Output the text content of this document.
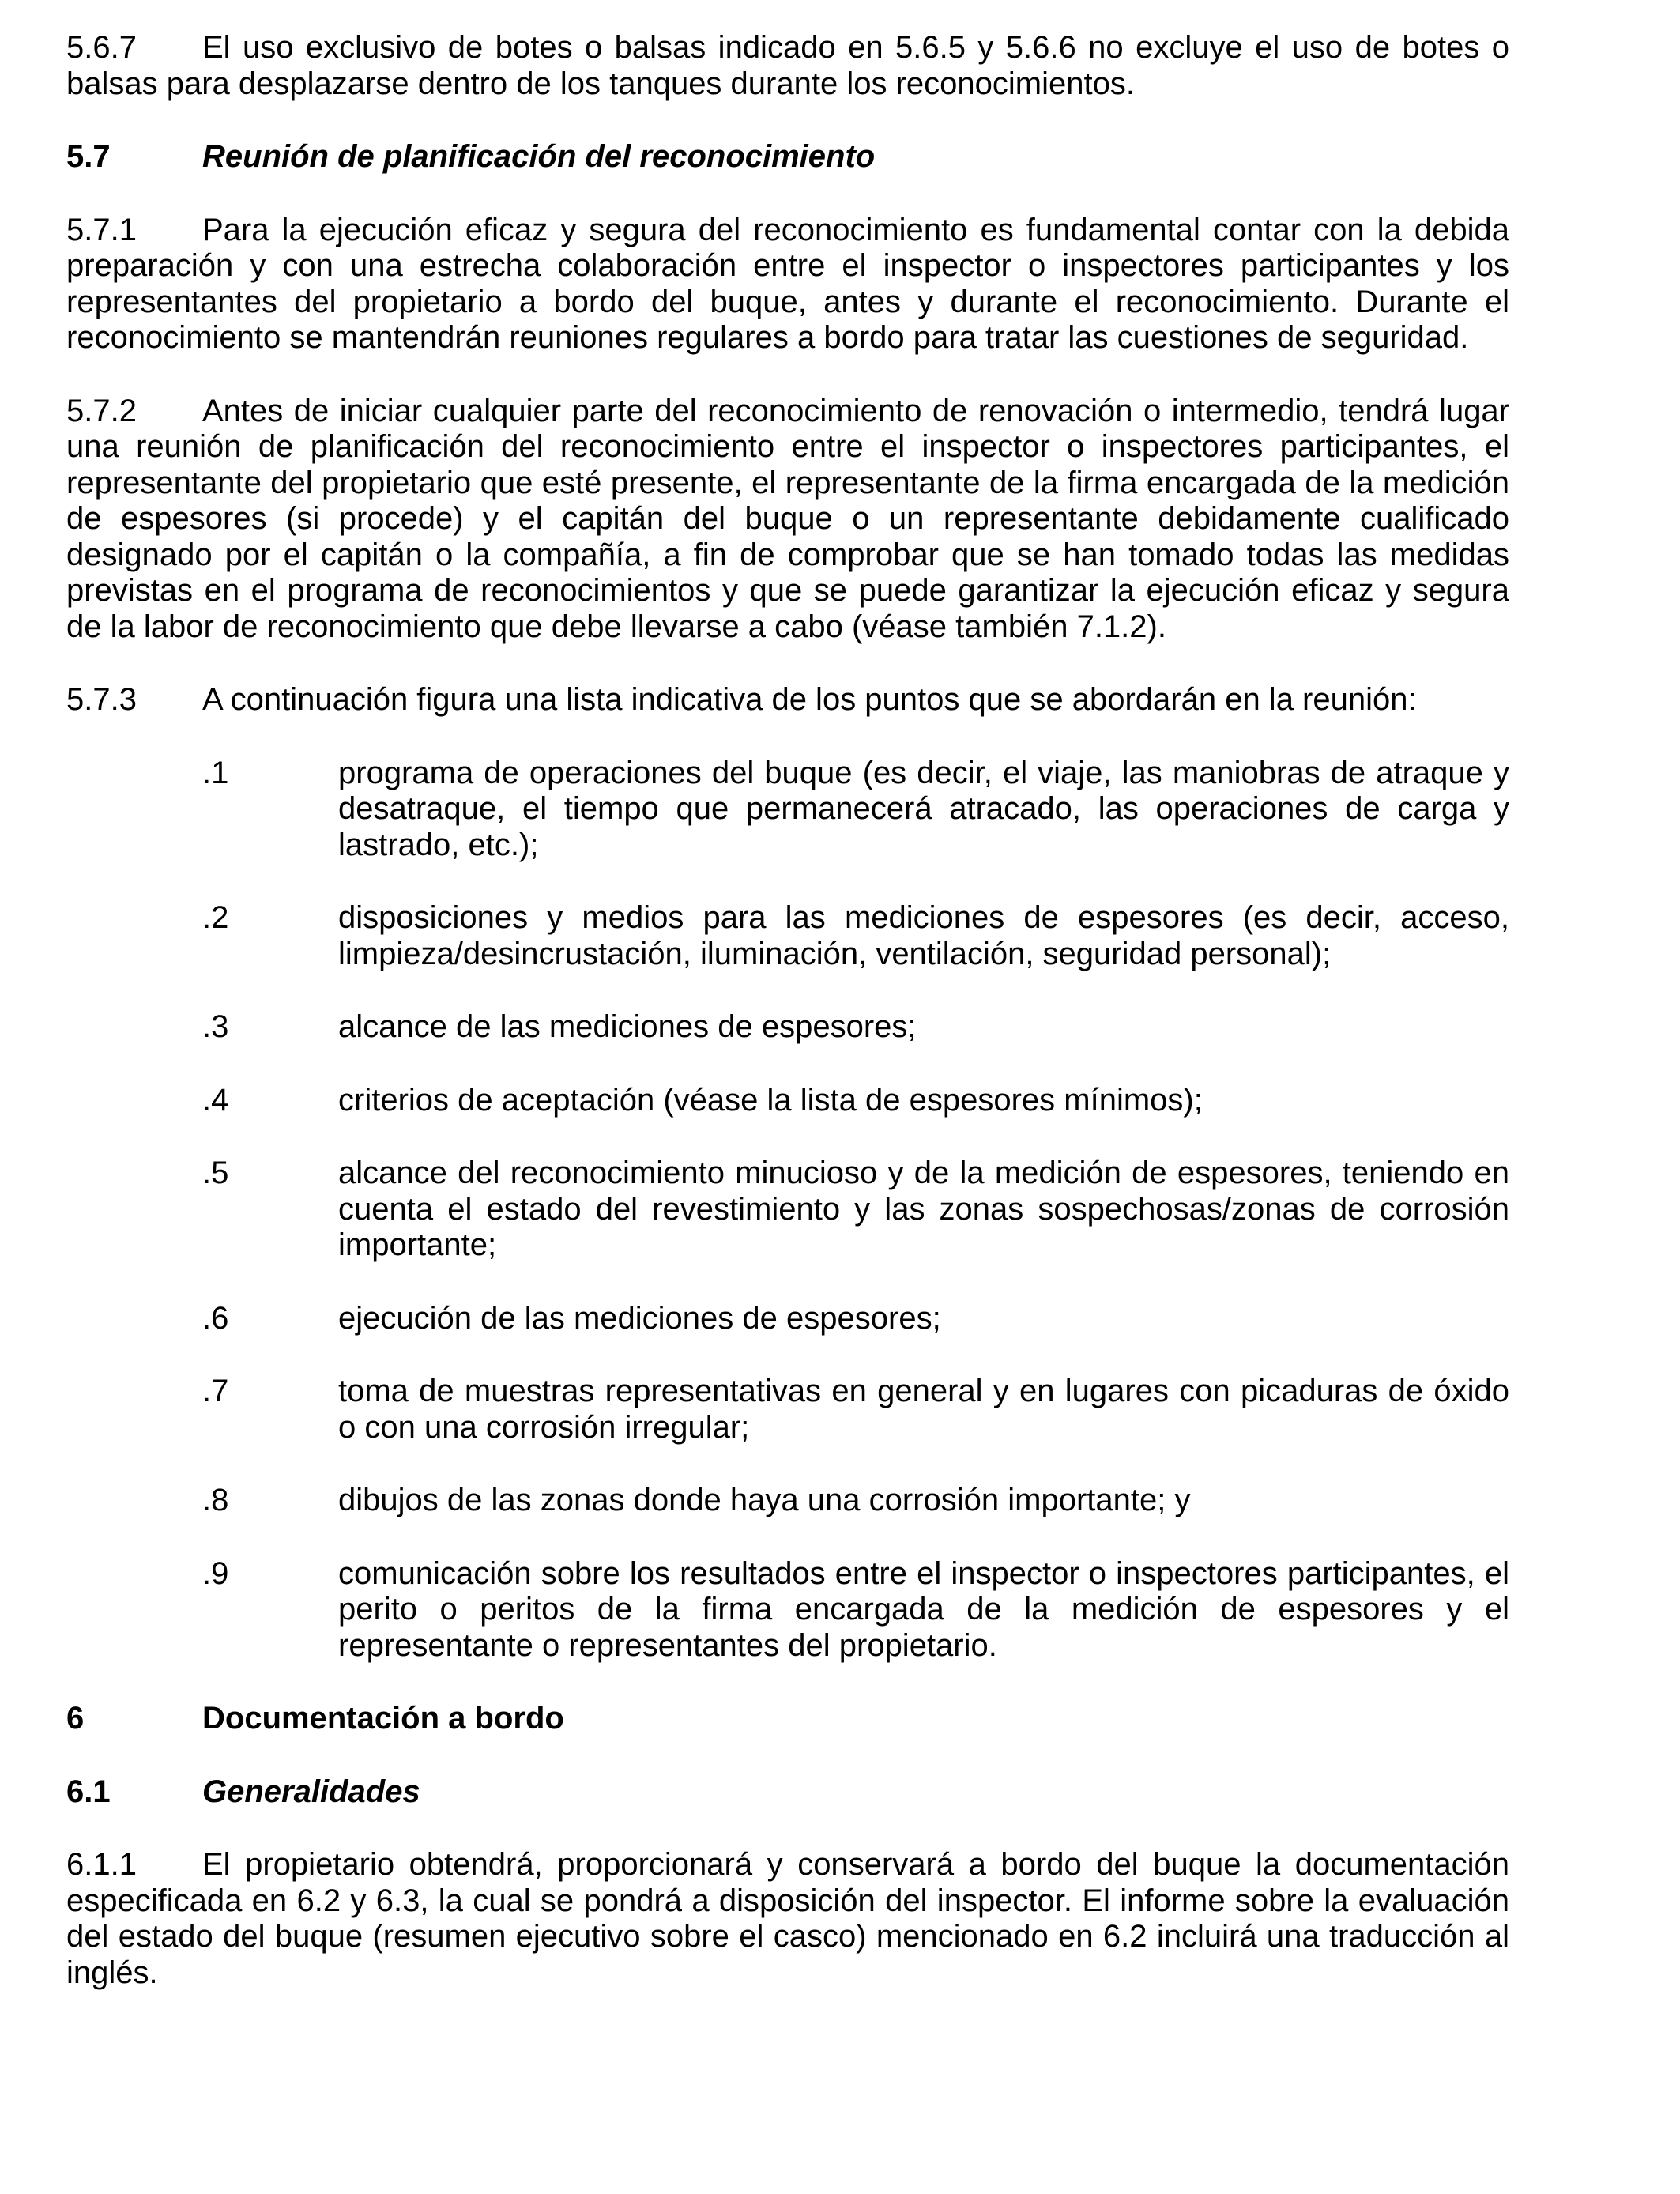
5.6.7 El uso exclusivo de botes o balsas indicado en 5.6.5 y 5.6.6 no excluye el uso de botes o balsas para desplazarse dentro de los tanques durante los reconocimientos.

5.7	Reunión de planificación del reconocimiento

5.7.1 Para la ejecución eficaz y segura del reconocimiento es fundamental contar con la debida preparación y con una estrecha colaboración entre el inspector o inspectores participantes y los representantes del propietario a bordo del buque, antes y durante el reconocimiento. Durante el reconocimiento se mantendrán reuniones regulares a bordo para tratar las cuestiones de seguridad.

5.7.2 Antes de iniciar cualquier parte del reconocimiento de renovación o intermedio, tendrá lugar una reunión de planificación del reconocimiento entre el inspector o inspectores participantes, el representante del propietario que esté presente, el representante de la firma encargada de la medición de espesores (si procede) y el capitán del buque o un representante debidamente cualificado designado por el capitán o la compañía, a fin de comprobar que se han tomado todas las medidas previstas en el programa de reconocimientos y que se puede garantizar la ejecución eficaz y segura de la labor de reconocimiento que debe llevarse a cabo (véase también 7.1.2).

5.7.3 A continuación figura una lista indicativa de los puntos que se abordarán en la reunión:

.1	programa de operaciones del buque (es decir, el viaje, las maniobras de atraque y desatraque, el tiempo que permanecerá atracado, las operaciones de carga y lastrado, etc.);
.2	disposiciones y medios para las mediciones de espesores (es decir, acceso, limpieza/desincrustación, iluminación, ventilación, seguridad personal);
.3	alcance de las mediciones de espesores;
.4	criterios de aceptación (véase la lista de espesores mínimos);
.5	alcance del reconocimiento minucioso y de la medición de espesores, teniendo en cuenta el estado del revestimiento y las zonas sospechosas/zonas de corrosión importante;
.6	ejecución de las mediciones de espesores;
.7	toma de muestras representativas en general y en lugares con picaduras de óxido o con una corrosión irregular;
.8	dibujos de las zonas donde haya una corrosión importante; y
.9	comunicación sobre los resultados entre el inspector o inspectores participantes, el perito o peritos de la firma encargada de la medición de espesores y el representante o representantes del propietario.
6	Documentación a bordo
6.1	Generalidades

6.1.1 El propietario obtendrá, proporcionará y conservará a bordo del buque la documentación especificada en 6.2 y 6.3, la cual se pondrá a disposición del inspector. El informe sobre la evaluación del estado del buque (resumen ejecutivo sobre el casco) mencionado en 6.2 incluirá una traducción al inglés.
